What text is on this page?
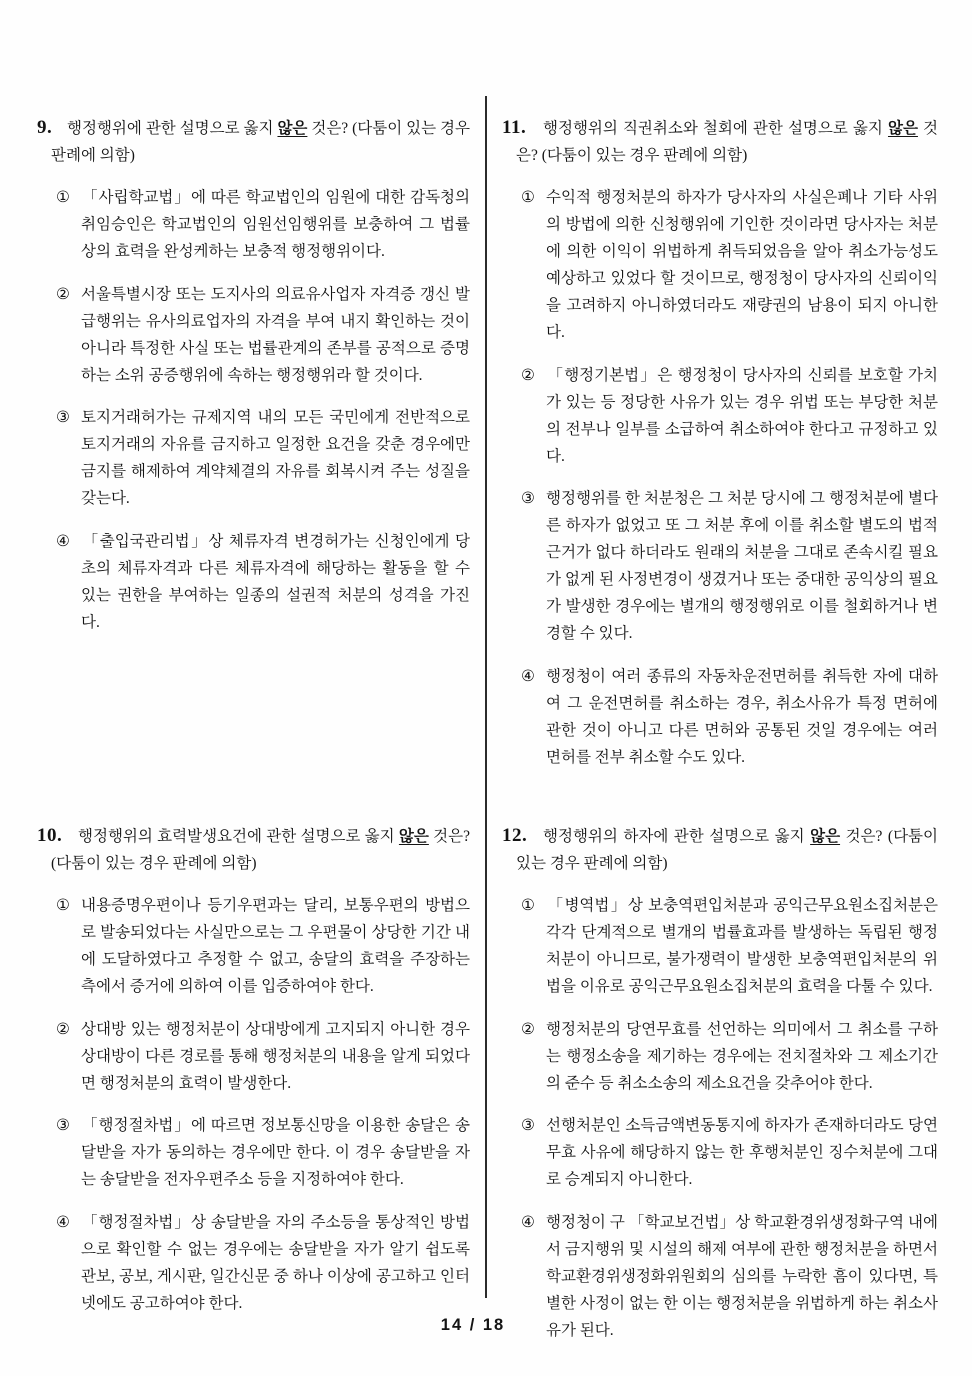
9. 행정행위에 관한 설명으로 옳지 않은 것은? (다툼이 있는 경우 판례에 의함)

① 「사립학교법」에 따른 학교법인의 임원에 대한 감독청의 취임승인은 학교법인의 임원선임행위를 보충하여 그 법률상의 효력을 완성케하는 보충적 행정행위이다.

② 서울특별시장 또는 도지사의 의료유사업자 자격증 갱신 발급행위는 유사의료업자의 자격을 부여 내지 확인하는 것이 아니라 특정한 사실 또는 법률관계의 존부를 공적으로 증명하는 소위 공증행위에 속하는 행정행위라 할 것이다.

③ 토지거래허가는 규제지역 내의 모든 국민에게 전반적으로 토지거래의 자유를 금지하고 일정한 요건을 갖춘 경우에만 금지를 해제하여 계약체결의 자유를 회복시켜 주는 성질을 갖는다.

④ 「출입국관리법」상 체류자격 변경허가는 신청인에게 당초의 체류자격과 다른 체류자격에 해당하는 활동을 할 수 있는 권한을 부여하는 일종의 설권적 처분의 성격을 가진다.

10. 행정행위의 효력발생요건에 관한 설명으로 옳지 않은 것은? (다툼이 있는 경우 판례에 의함)

① 내용증명우편이나 등기우편과는 달리, 보통우편의 방법으로 발송되었다는 사실만으로는 그 우편물이 상당한 기간 내에 도달하였다고 추정할 수 없고, 송달의 효력을 주장하는 측에서 증거에 의하여 이를 입증하여야 한다.

② 상대방 있는 행정처분이 상대방에게 고지되지 아니한 경우 상대방이 다른 경로를 통해 행정처분의 내용을 알게 되었다면 행정처분의 효력이 발생한다.

③ 「행정절차법」에 따르면 정보통신망을 이용한 송달은 송달받을 자가 동의하는 경우에만 한다. 이 경우 송달받을 자는 송달받을 전자우편주소 등을 지정하여야 한다.

④ 「행정절차법」상 송달받을 자의 주소등을 통상적인 방법으로 확인할 수 없는 경우에는 송달받을 자가 알기 쉽도록 관보, 공보, 게시판, 일간신문 중 하나 이상에 공고하고 인터넷에도 공고하여야 한다.

11. 행정행위의 직권취소와 철회에 관한 설명으로 옳지 않은 것은? (다툼이 있는 경우 판례에 의함)

① 수익적 행정처분의 하자가 당사자의 사실은폐나 기타 사위의 방법에 의한 신청행위에 기인한 것이라면 당사자는 처분에 의한 이익이 위법하게 취득되었음을 알아 취소가능성도 예상하고 있었다 할 것이므로, 행정청이 당사자의 신뢰이익을 고려하지 아니하였더라도 재량권의 남용이 되지 아니한다.

② 「행정기본법」은 행정청이 당사자의 신뢰를 보호할 가치가 있는 등 정당한 사유가 있는 경우 위법 또는 부당한 처분의 전부나 일부를 소급하여 취소하여야 한다고 규정하고 있다.

③ 행정행위를 한 처분청은 그 처분 당시에 그 행정처분에 별다른 하자가 없었고 또 그 처분 후에 이를 취소할 별도의 법적 근거가 없다 하더라도 원래의 처분을 그대로 존속시킬 필요가 없게 된 사정변경이 생겼거나 또는 중대한 공익상의 필요가 발생한 경우에는 별개의 행정행위로 이를 철회하거나 변경할 수 있다.

④ 행정청이 여러 종류의 자동차운전면허를 취득한 자에 대하여 그 운전면허를 취소하는 경우, 취소사유가 특정 면허에 관한 것이 아니고 다른 면허와 공통된 것일 경우에는 여러 면허를 전부 취소할 수도 있다.

12. 행정행위의 하자에 관한 설명으로 옳지 않은 것은? (다툼이 있는 경우 판례에 의함)

① 「병역법」상 보충역편입처분과 공익근무요원소집처분은 각각 단계적으로 별개의 법률효과를 발생하는 독립된 행정처분이 아니므로, 불가쟁력이 발생한 보충역편입처분의 위법을 이유로 공익근무요원소집처분의 효력을 다툴 수 있다.

② 행정처분의 당연무효를 선언하는 의미에서 그 취소를 구하는 행정소송을 제기하는 경우에는 전치절차와 그 제소기간의 준수 등 취소소송의 제소요건을 갖추어야 한다.

③ 선행처분인 소득금액변동통지에 하자가 존재하더라도 당연무효 사유에 해당하지 않는 한 후행처분인 징수처분에 그대로 승계되지 아니한다.

④ 행정청이 구 「학교보건법」상 학교환경위생정화구역 내에서 금지행위 및 시설의 해제 여부에 관한 행정처분을 하면서 학교환경위생정화위원회의 심의를 누락한 흠이 있다면, 특별한 사정이 없는 한 이는 행정처분을 위법하게 하는 취소사유가 된다.

14 / 18
